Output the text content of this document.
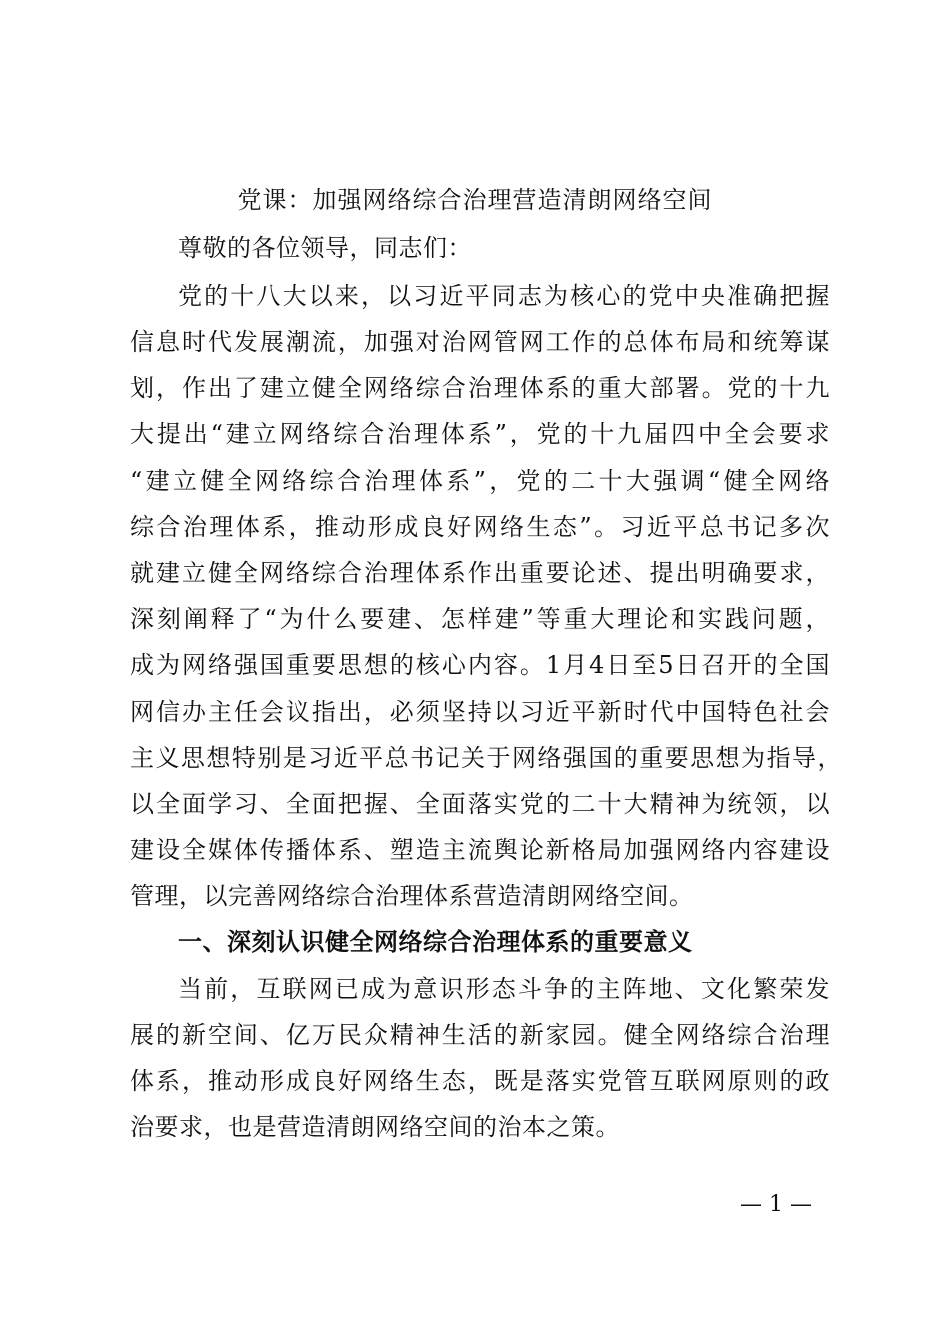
党课：加强网络综合治理营造清朗网络空间
尊敬的各位领导，同志们：
党的十八大以来，以习近平同志为核心的党中央准确把握
信息时代发展潮流，加强对治网管网工作的总体布局和统筹谋
划，作出了建立健全网络综合治理体系的重大部署。党的十九
大提出“建立网络综合治理体系”，党的十九届四中全会要求
“建立健全网络综合治理体系”，党的二十大强调“健全网络
综合治理体系，推动形成良好网络生态”。习近平总书记多次
就建立健全网络综合治理体系作出重要论述、提出明确要求，
深刻阐释了“为什么要建、怎样建”等重大理论和实践问题，
成为网络强国重要思想的核心内容。1月4日至5日召开的全国
网信办主任会议指出，必须坚持以习近平新时代中国特色社会
主义思想特别是习近平总书记关于网络强国的重要思想为指导，
以全面学习、全面把握、全面落实党的二十大精神为统领，以
建设全媒体传播体系、塑造主流舆论新格局加强网络内容建设
管理，以完善网络综合治理体系营造清朗网络空间。
一、深刻认识健全网络综合治理体系的重要意义
当前，互联网已成为意识形态斗争的主阵地、文化繁荣发
展的新空间、亿万民众精神生活的新家园。健全网络综合治理
体系，推动形成良好网络生态，既是落实党管互联网原则的政
治要求，也是营造清朗网络空间的治本之策。
— 1 —
